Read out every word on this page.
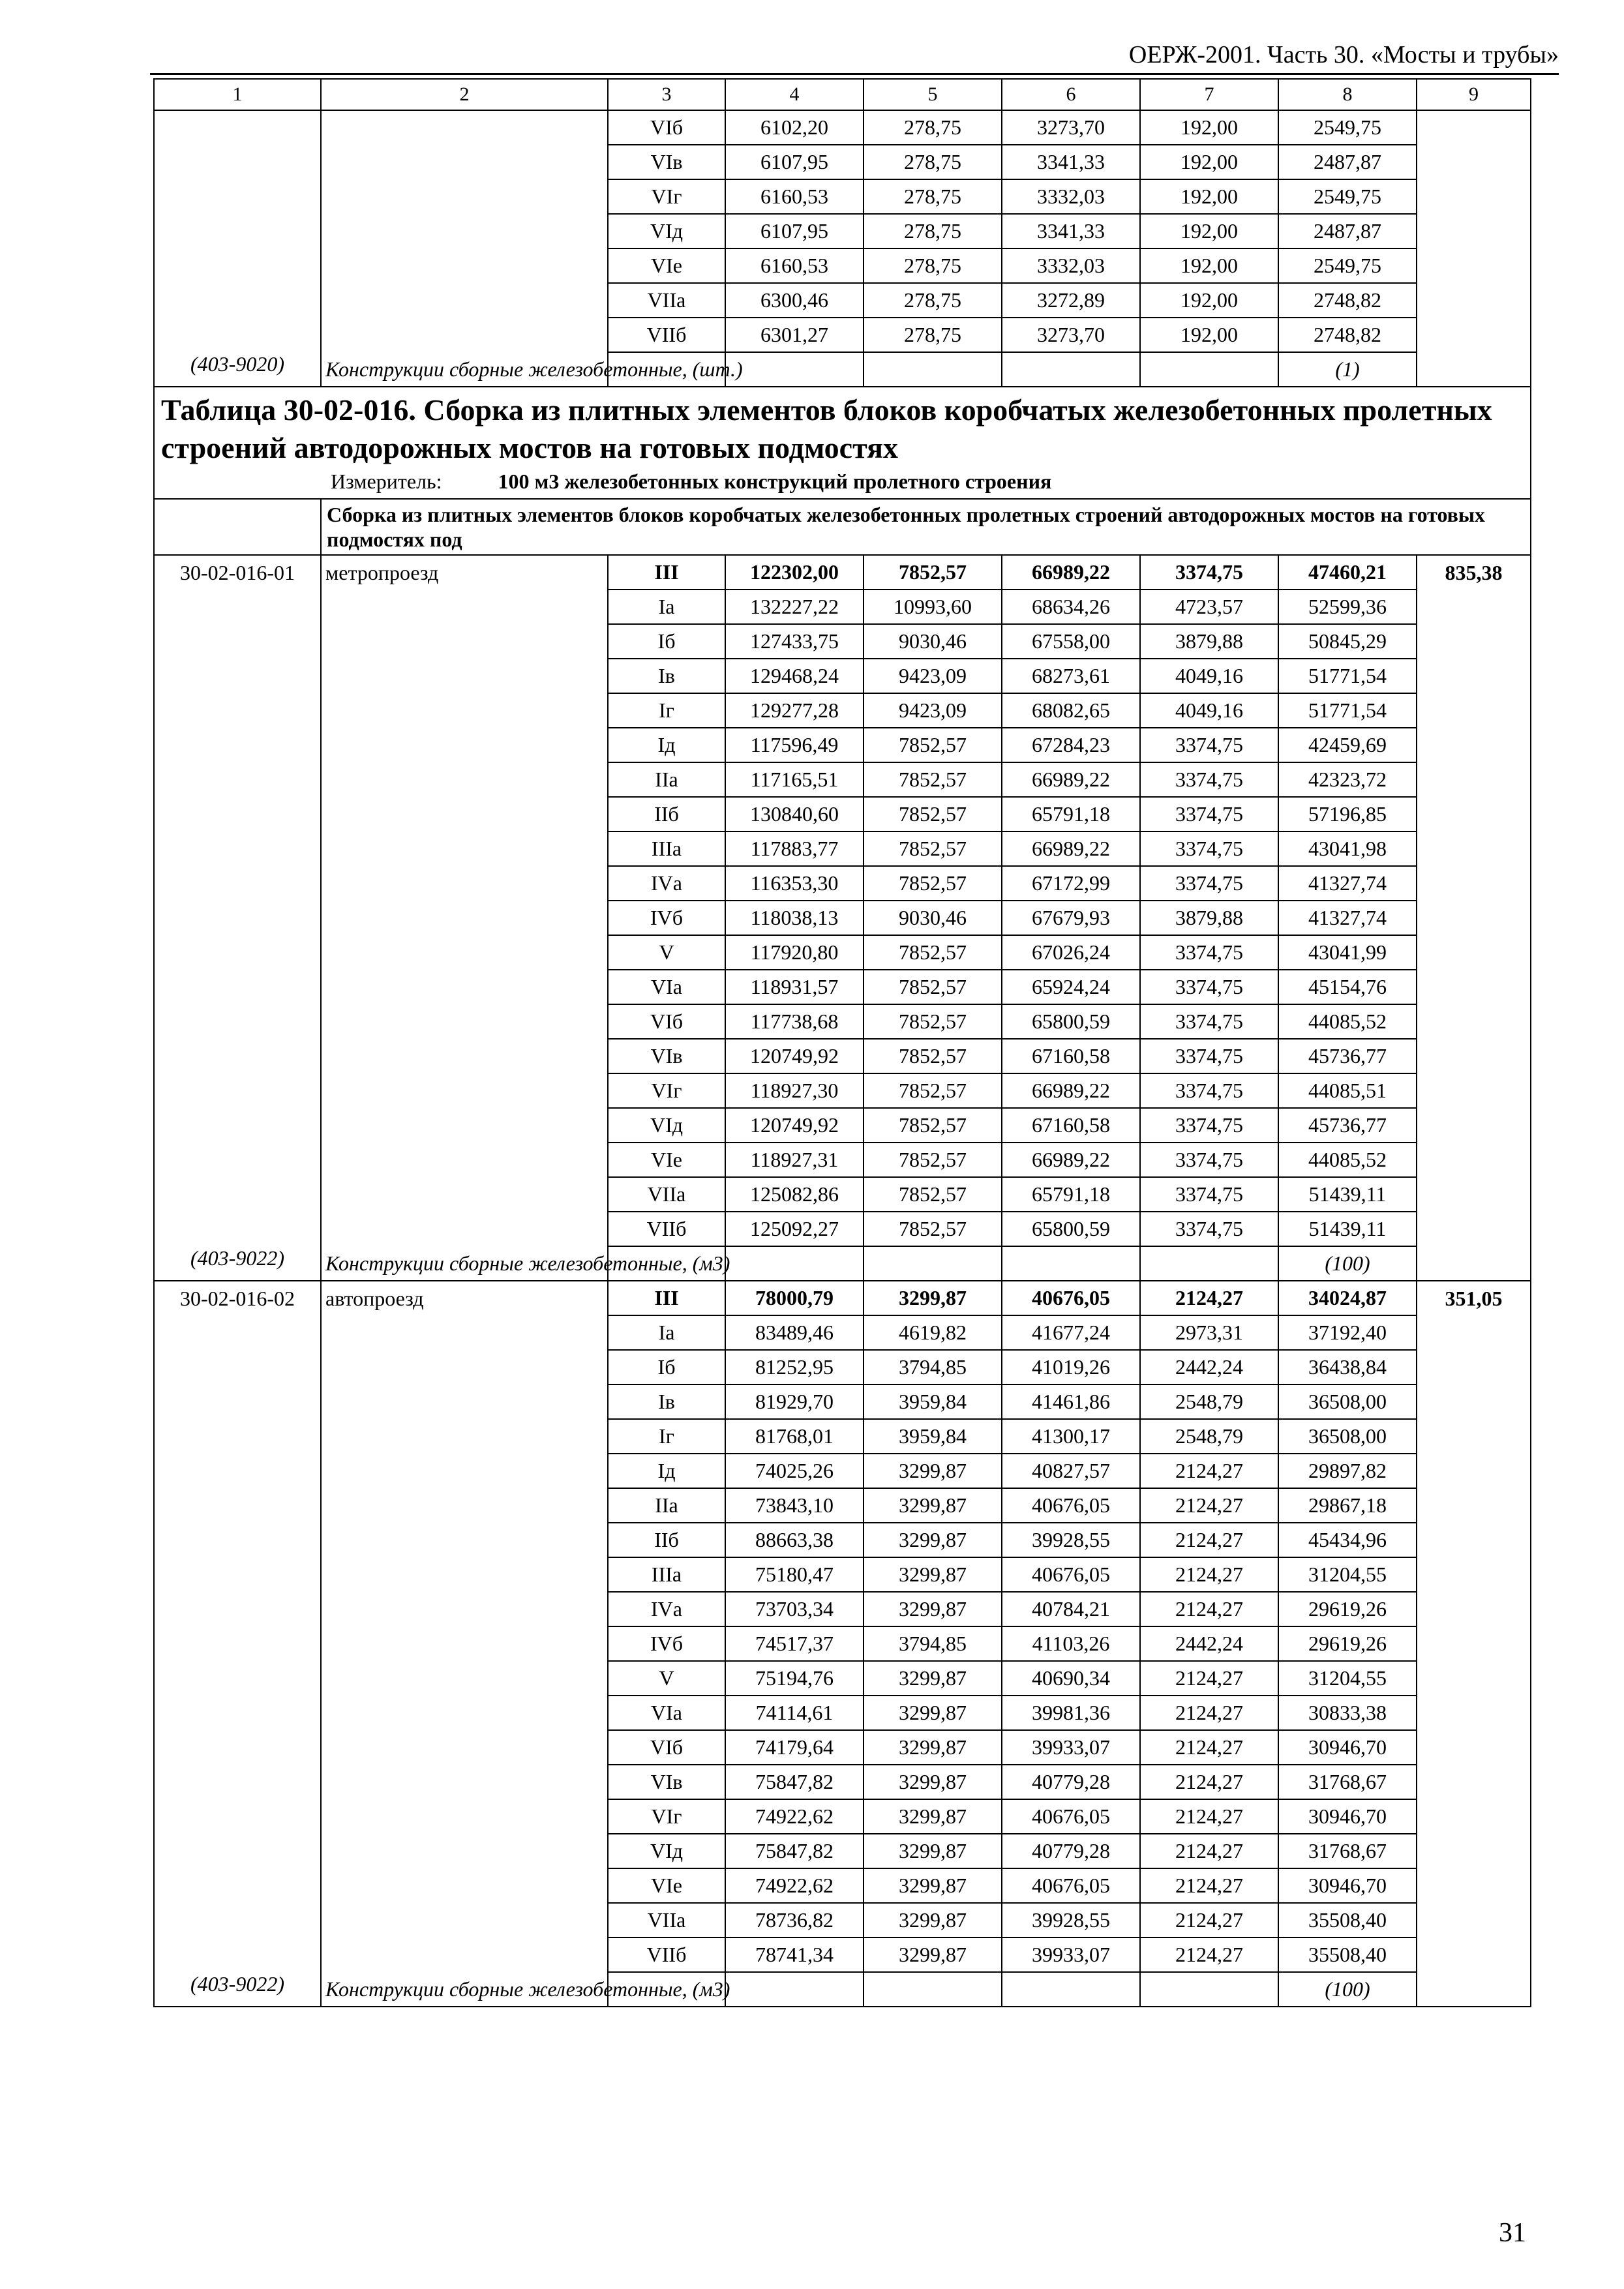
ОЕРЖ-2001. Часть 30. «Мосты и трубы»
1	2	3	4	5	6	7	8	9
		VIб	6102,20	278,75	3273,70	192,00	2549,75	
		VIв	6107,95	278,75	3341,33	192,00	2487,87	
		VIг	6160,53	278,75	3332,03	192,00	2549,75	
		VIд	6107,95	278,75	3341,33	192,00	2487,87	
		VIе	6160,53	278,75	3332,03	192,00	2549,75	
		VIIа	6300,46	278,75	3272,89	192,00	2748,82	
		VIIб	6301,27	278,75	3273,70	192,00	2748,82	
(403-9020)	Конструкции сборные железобетонные, (шт.)						(1)	

Таблица 30-02-016. Сборка из плитных элементов блоков коробчатых железобетонных пролетных строений автодорожных мостов на готовых подмостях
Измеритель: 100 м3 железобетонных конструкций пролетного строения								

	Сборка из плитных элементов блоков коробчатых железобетонных пролетных строений автодорожных мостов на готовых подмостях под							
30-02-016-01	метропроезд	III	122302,00	7852,57	66989,22	3374,75	47460,21	835,38
		Iа	132227,22	10993,60	68634,26	4723,57	52599,36	
		Iб	127433,75	9030,46	67558,00	3879,88	50845,29	
		Iв	129468,24	9423,09	68273,61	4049,16	51771,54	
		Iг	129277,28	9423,09	68082,65	4049,16	51771,54	
		Iд	117596,49	7852,57	67284,23	3374,75	42459,69	
		IIа	117165,51	7852,57	66989,22	3374,75	42323,72	
		IIб	130840,60	7852,57	65791,18	3374,75	57196,85	
		IIIа	117883,77	7852,57	66989,22	3374,75	43041,98	
		IVа	116353,30	7852,57	67172,99	3374,75	41327,74	
		IVб	118038,13	9030,46	67679,93	3879,88	41327,74	
		V	117920,80	7852,57	67026,24	3374,75	43041,99	
		VIа	118931,57	7852,57	65924,24	3374,75	45154,76	
		VIб	117738,68	7852,57	65800,59	3374,75	44085,52	
		VIв	120749,92	7852,57	67160,58	3374,75	45736,77	
		VIг	118927,30	7852,57	66989,22	3374,75	44085,51	
		VIд	120749,92	7852,57	67160,58	3374,75	45736,77	
		VIе	118927,31	7852,57	66989,22	3374,75	44085,52	
		VIIа	125082,86	7852,57	65791,18	3374,75	51439,11	
		VIIб	125092,27	7852,57	65800,59	3374,75	51439,11	
(403-9022)	Конструкции сборные железобетонные, (м3)						(100)	
30-02-016-02	автопроезд	III	78000,79	3299,87	40676,05	2124,27	34024,87	351,05
		Iа	83489,46	4619,82	41677,24	2973,31	37192,40	
		Iб	81252,95	3794,85	41019,26	2442,24	36438,84	
		Iв	81929,70	3959,84	41461,86	2548,79	36508,00	
		Iг	81768,01	3959,84	41300,17	2548,79	36508,00	
		Iд	74025,26	3299,87	40827,57	2124,27	29897,82	
		IIа	73843,10	3299,87	40676,05	2124,27	29867,18	
		IIб	88663,38	3299,87	39928,55	2124,27	45434,96	
		IIIа	75180,47	3299,87	40676,05	2124,27	31204,55	
		IVа	73703,34	3299,87	40784,21	2124,27	29619,26	
		IVб	74517,37	3794,85	41103,26	2442,24	29619,26	
		V	75194,76	3299,87	40690,34	2124,27	31204,55	
		VIа	74114,61	3299,87	39981,36	2124,27	30833,38	
		VIб	74179,64	3299,87	39933,07	2124,27	30946,70	
		VIв	75847,82	3299,87	40779,28	2124,27	31768,67	
		VIг	74922,62	3299,87	40676,05	2124,27	30946,70	
		VIд	75847,82	3299,87	40779,28	2124,27	31768,67	
		VIе	74922,62	3299,87	40676,05	2124,27	30946,70	
		VIIа	78736,82	3299,87	39928,55	2124,27	35508,40	
		VIIб	78741,34	3299,87	39933,07	2124,27	35508,40	
(403-9022)	Конструкции сборные железобетонные, (м3)						(100)	
31
